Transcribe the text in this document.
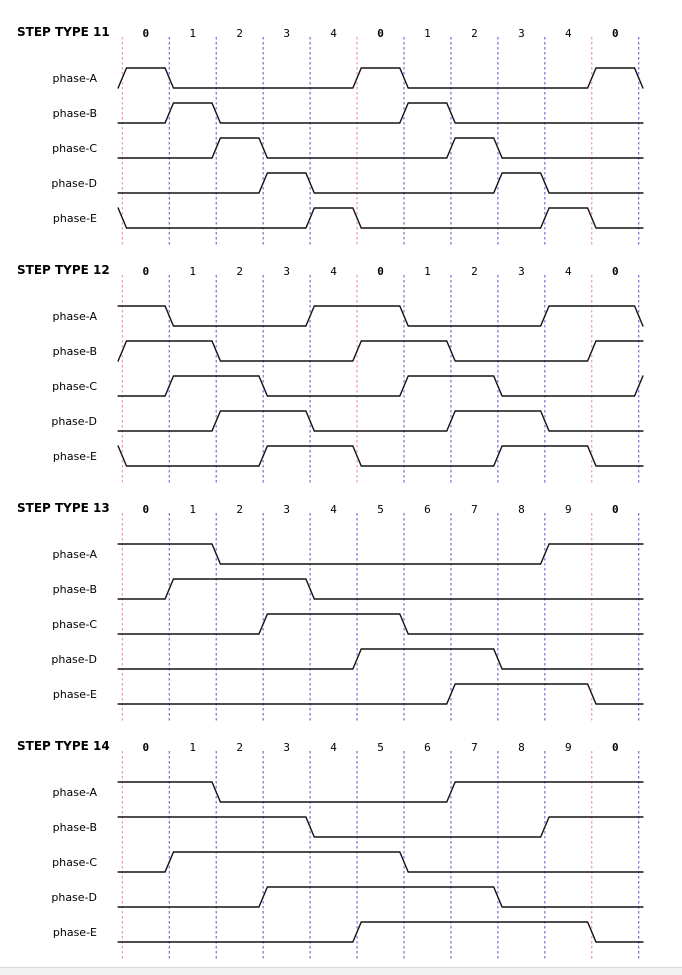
0	1	2	3	4	0	1	2	3	4	0
phase-A
phase-B
phase-C
phase-D
phase-E
0	1	2	3	4	0	1	2	3	4	0
phase-A
phase-B
phase-C
phase-D
phase-E
0	1	2	3	4	5	6	7	8	9	0
phase-A
phase-B
phase-C
phase-D
phase-E
0	1	2	3	4	5	6	7	8	9	0
phase-A
phase-B
phase-C
phase-D
phase-E
STEP TYPE 11
STEP TYPE 12
STEP TYPE 13
STEP TYPE 14
